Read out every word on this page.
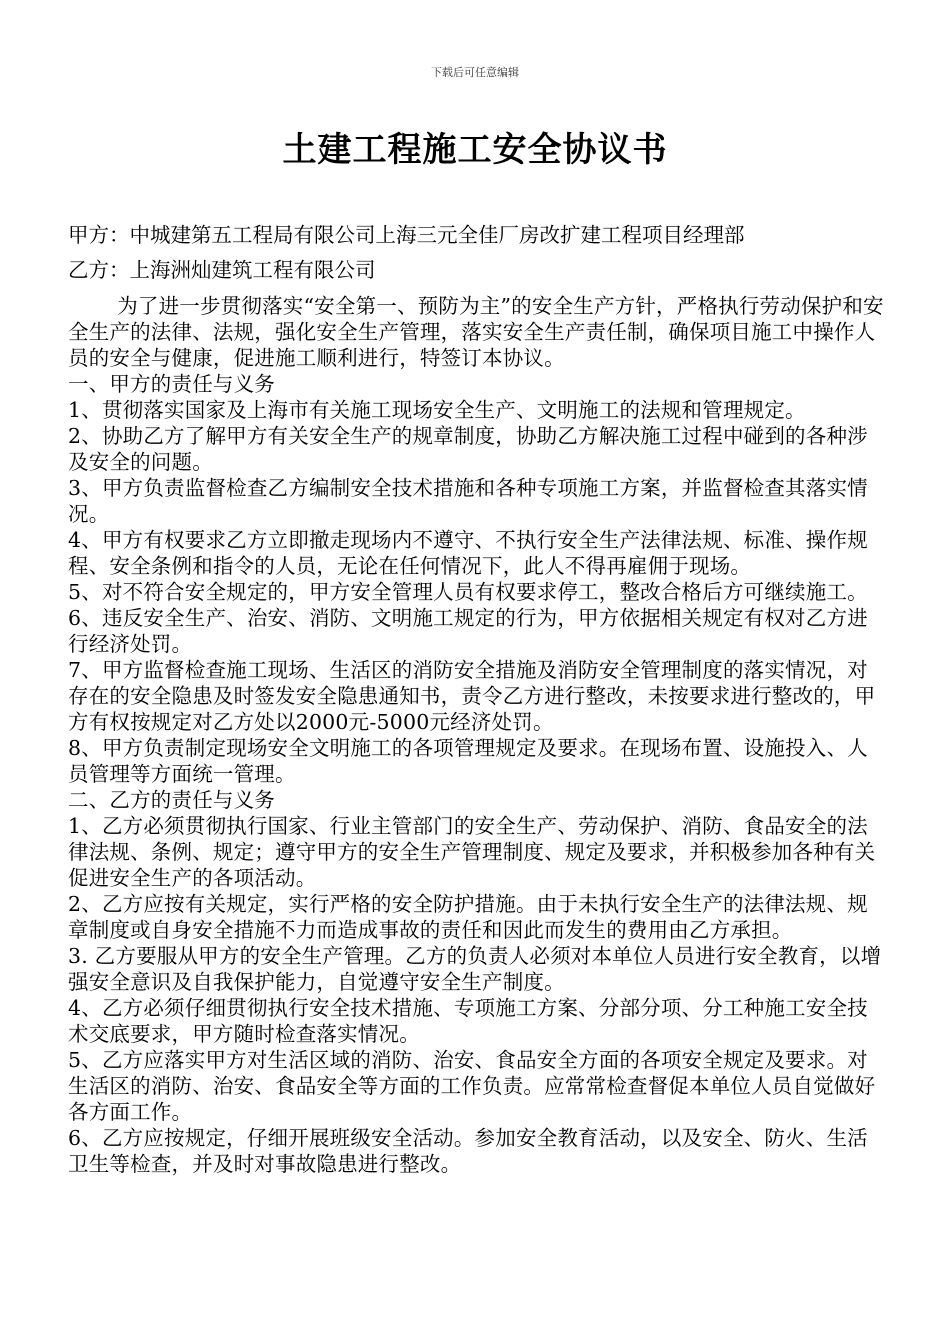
下载后可任意编辑
土建工程施工安全协议书
甲方：中城建第五工程局有限公司上海三元全佳厂房改扩建工程项目经理部
乙方：上海洲灿建筑工程有限公司

为了进一步贯彻落实“安全第一、预防为主”的安全生产方针，严格执行劳动保护和安全生产的法律、法规，强化安全生产管理，落实安全生产责任制，确保项目施工中操作人员的安全与健康，促进施工顺利进行，特签订本协议。

一、甲方的责任与义务

1、贯彻落实国家及上海市有关施工现场安全生产、文明施工的法规和管理规定。

2、协助乙方了解甲方有关安全生产的规章制度，协助乙方解决施工过程中碰到的各种涉及安全的问题。

3、甲方负责监督检查乙方编制安全技术措施和各种专项施工方案，并监督检查其落实情况。

4、甲方有权要求乙方立即撤走现场内不遵守、不执行安全生产法律法规、标准、操作规程、安全条例和指令的人员，无论在任何情况下，此人不得再雇佣于现场。

5、对不符合安全规定的，甲方安全管理人员有权要求停工，整改合格后方可继续施工。

6、违反安全生产、治安、消防、文明施工规定的行为，甲方依据相关规定有权对乙方进行经济处罚。

7、甲方监督检查施工现场、生活区的消防安全措施及消防安全管理制度的落实情况，对存在的安全隐患及时签发安全隐患通知书，责令乙方进行整改，未按要求进行整改的，甲方有权按规定对乙方处以2000元-5000元经济处罚。

8、甲方负责制定现场安全文明施工的各项管理规定及要求。在现场布置、设施投入、人员管理等方面统一管理。

二、乙方的责任与义务

1、乙方必须贯彻执行国家、行业主管部门的安全生产、劳动保护、消防、食品安全的法律法规、条例、规定；遵守甲方的安全生产管理制度、规定及要求，并积极参加各种有关促进安全生产的各项活动。

2、乙方应按有关规定，实行严格的安全防护措施。由于未执行安全生产的法律法规、规章制度或自身安全措施不力而造成事故的责任和因此而发生的费用由乙方承担。

3. 乙方要服从甲方的安全生产管理。乙方的负责人必须对本单位人员进行安全教育，以增强安全意识及自我保护能力，自觉遵守安全生产制度。

4、乙方必须仔细贯彻执行安全技术措施、专项施工方案、分部分项、分工种施工安全技术交底要求，甲方随时检查落实情况。

5、乙方应落实甲方对生活区域的消防、治安、食品安全方面的各项安全规定及要求。对生活区的消防、治安、食品安全等方面的工作负责。应常常检查督促本单位人员自觉做好各方面工作。

6、乙方应按规定，仔细开展班级安全活动。参加安全教育活动，以及安全、防火、生活卫生等检查，并及时对事故隐患进行整改。
